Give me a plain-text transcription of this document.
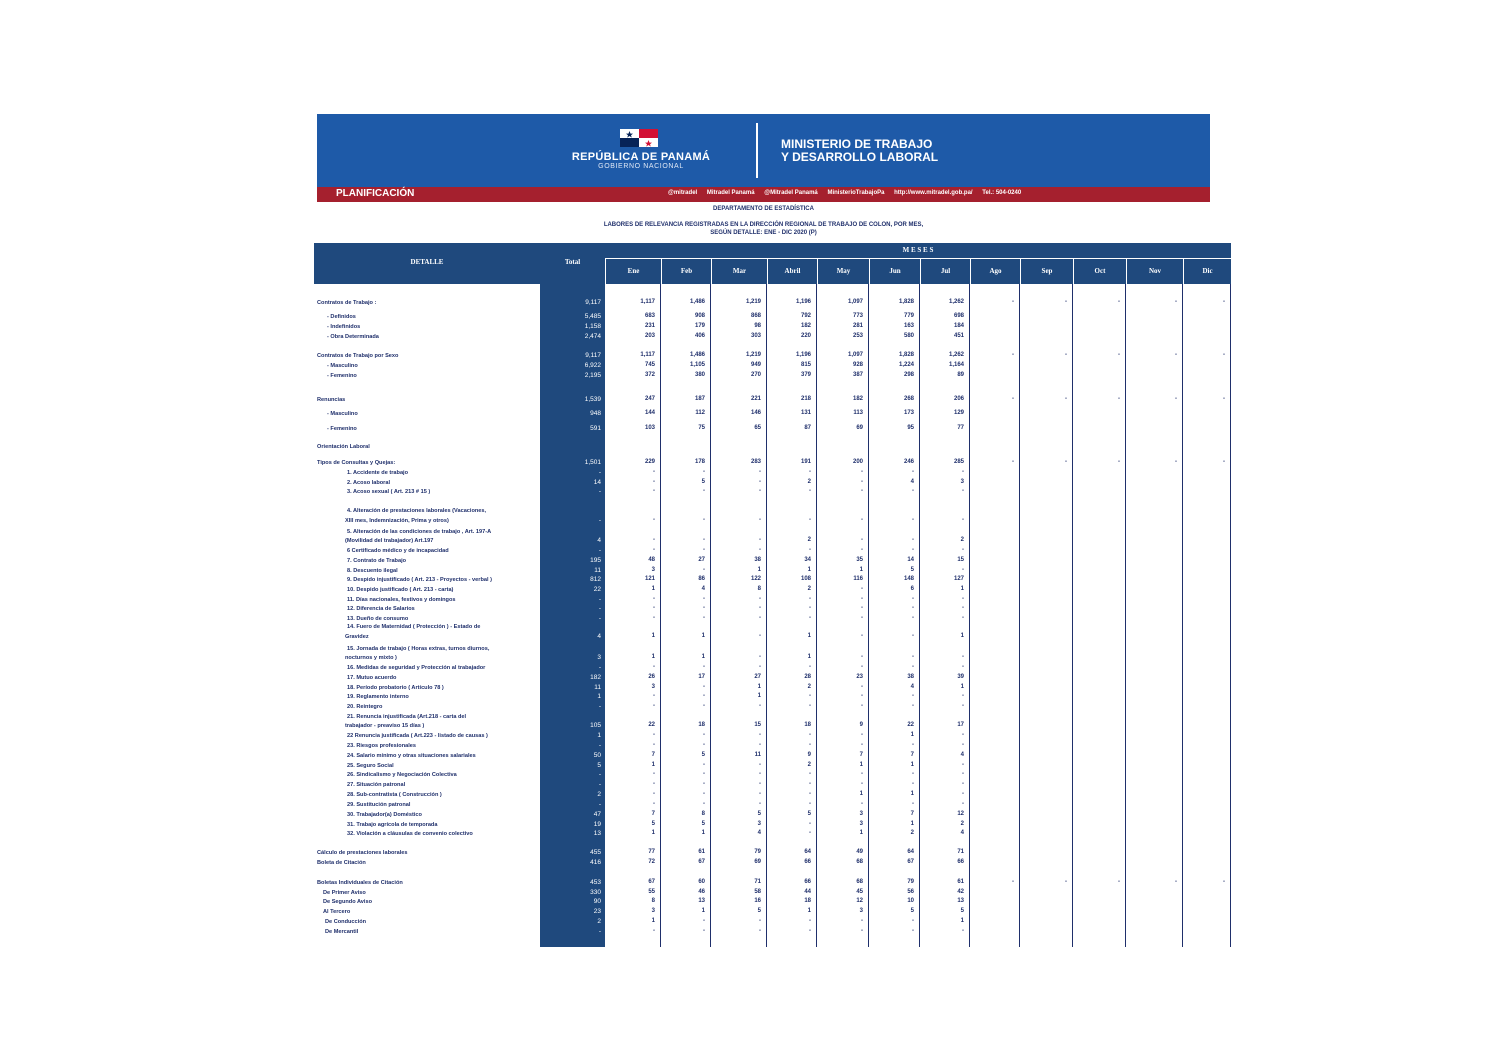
REPÚBLICA DE PANAMÁ
GOBIERNO NACIONAL
MINISTERIO DE TRABAJO
Y DESARROLLO LABORAL
PLANIFICACIÓN	@mitradel Mitradel Panamá @Mitradel Panamá MinisterioTrabajoPa http://www.mitradel.gob.pa/ Tel.: 504-0240
DEPARTAMENTO DE ESTADÍSTICA
LABORES DE RELEVANCIA REGISTRADAS EN LA DIRECCIÓN REGIONAL DE TRABAJO DE COLON, POR MES,
SEGÚN DETALLE: ENE - DIC 2020 (P)
DETALLE	Total
M E S E S
Ene	Feb	Mar	Abril	May	Jun	Jul	Ago	Sep	Oct	Nov	Dic
Contratos de Trabajo :	9,117	1,117	1,486	1,219	1,196	1,097	1,828	1,262	-	-	-	-	-
- Definidos	5,485	683	908	868	792	773	779	698
- Indefinidos	1,158	231	179	98	182	281	163	184
- Obra Determinada	2,474	203	406	303	220	253	580	451
Contratos de Trabajo por Sexo	9,117	1,117	1,486	1,219	1,196	1,097	1,828	1,262	-	-	-	-	-
- Masculino	6,922	745	1,105	949	815	928	1,224	1,164
- Femenino	2,195	372	380	270	379	387	298	89
Renuncias	1,539	247	187	221	218	182	268	206	-	-	-	-	-
- Masculino	948	144	112	146	131	113	173	129
- Femenino	591	103	75	65	87	69	95	77
Orientación Laboral
Tipos de Consultas y Quejas:	1,501	229	178	283	191	200	246	285	-	-	-	-	-
1. Accidente de trabajo	-	-	-	-	-	-	-	-
2. Acoso laboral	14	-	5	-	2	-	4	3
3. Acoso sexual ( Art. 213 # 15 )	-	-	-	-	-	-	-	-
4. Alteración de prestaciones laborales (Vacaciones,
XIII mes, Indemnización, Prima y otros)	-	-	-	-	-	-	-	-
5. Alteración de las condiciones de trabajo , Art. 197-A
(Movilidad del trabajador) Art.197	4	-	-	-	2	-	-	2
6 Certificado médico y de incapacidad	-	-	-	-	-	-	-	-
7. Contrato de Trabajo	195	48	27	38	34	35	14	15
8. Descuento ilegal	11	3	-	1	1	1	5	-
9. Despido injustificado ( Art. 213 - Proyectos - verbal )	812	121	86	122	108	116	148	127
10. Despido justificado ( Art. 213 - carta)	22	1	4	8	2	-	6	1
11. Días nacionales, festivos y domingos	-	-	-	-	-	-	-	-
12. Diferencia de Salarios	-	-	-	-	-	-	-	-
13. Dueño de consumo	-	-	-	-	-	-	-	-
14. Fuero de Maternidad ( Protección ) - Estado de
Gravidez	4	1	1	-	1	-	-	1
15. Jornada de trabajo ( Horas extras, turnos diurnos,
nocturnos y mixto )	3	1	1	-	1	-	-	-
16. Medidas de seguridad y Protección al trabajador	-	-	-	-	-	-	-	-
17. Mutuo acuerdo	182	26	17	27	28	23	38	39
18. Período probatorio ( Artículo 78 )	11	3	-	1	2	-	4	1
19. Reglamento interno	1	-	-	1	-	-	-	-
20. Reintegro	-	-	-	-	-	-	-	-
21. Renuncia injustificada (Art.218 - carta del
trabajador - preaviso 15 días )	105	22	18	15	18	9	22	17
22 Renuncia justificada ( Art.223 - listado de causas )	1	-	-	-	-	-	1	-
23. Riesgos profesionales	-	-	-	-	-	-	-	-
24. Salario mínimo y otras situaciones salariales	50	7	5	11	9	7	7	4
25. Seguro Social	5	1	-	-	2	1	1	-
26. Sindicalismo y Negociación Colectiva	-	-	-	-	-	-	-	-
27. Situación patronal	-	-	-	-	-	-	-	-
28. Sub-contratista ( Construcción )	2	-	-	-	-	1	1	-
29. Sustitución patronal	-	-	-	-	-	-	-	-
30. Trabajador(a) Doméstico	47	7	8	5	5	3	7	12
31. Trabajo agrícola de temporada	19	5	5	3	-	3	1	2
32. Violación a cláusulas de convenio colectivo	13	1	1	4	-	1	2	4
Cálculo de prestaciones laborales	455	77	61	79	64	49	64	71
Boleta de Citación	416	72	67	69	66	68	67	66
Boletas Individuales de Citación	453	67	60	71	66	68	79	61	-	-	-	-	-
De Primer Aviso	330	55	46	58	44	45	56	42
De Segundo Aviso	90	8	13	16	18	12	10	13
Al Tercero	23	3	1	5	1	3	5	5
De Conducción	2	1	-	-	-	-	-	1
De Mercantil	-	-	-	-	-	-	-	-
